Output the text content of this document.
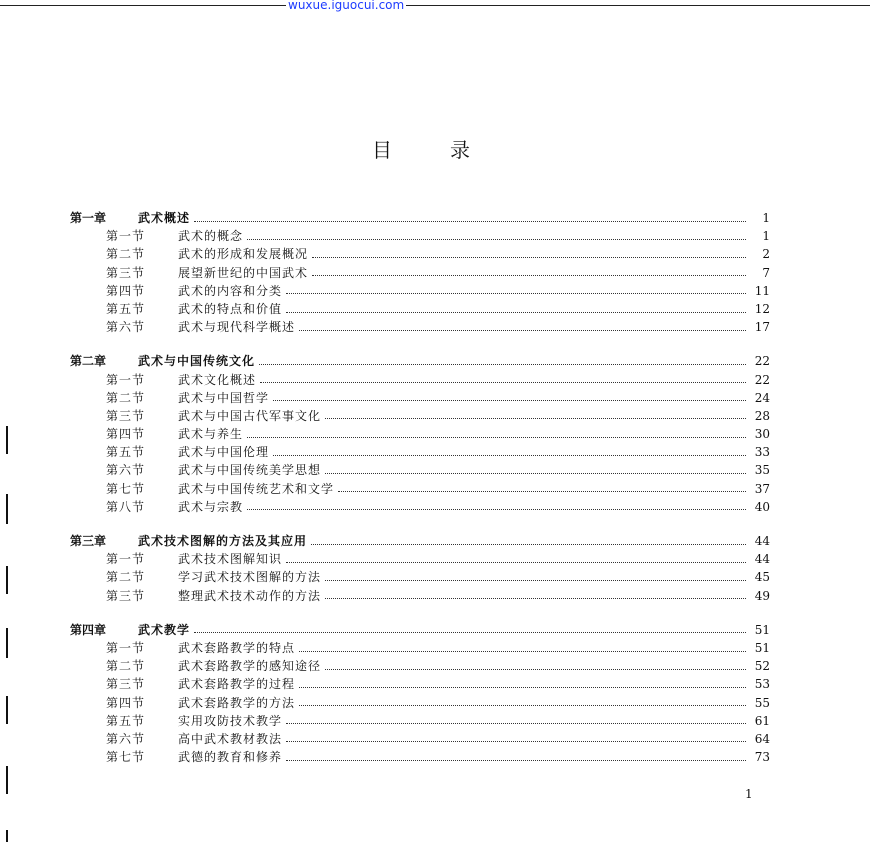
wuxue.iguocui.com
目	录
第一章	武术概述	1
第一节	武术的概念	1
第二节	武术的形成和发展概况	2
第三节	展望新世纪的中国武术	7
第四节	武术的内容和分类	11
第五节	武术的特点和价值	12
第六节	武术与现代科学概述	17
第二章	武术与中国传统文化	22
第一节	武术文化概述	22
第二节	武术与中国哲学	24
第三节	武术与中国古代军事文化	28
第四节	武术与养生	30
第五节	武术与中国伦理	33
第六节	武术与中国传统美学思想	35
第七节	武术与中国传统艺术和文学	37
第八节	武术与宗教	40
第三章	武术技术图解的方法及其应用	44
第一节	武术技术图解知识	44
第二节	学习武术技术图解的方法	45
第三节	整理武术技术动作的方法	49
第四章	武术教学	51
第一节	武术套路教学的特点	51
第二节	武术套路教学的感知途径	52
第三节	武术套路教学的过程	53
第四节	武术套路教学的方法	55
第五节	实用攻防技术教学	61
第六节	高中武术教材教法	64
第七节	武德的教育和修养	73
1
